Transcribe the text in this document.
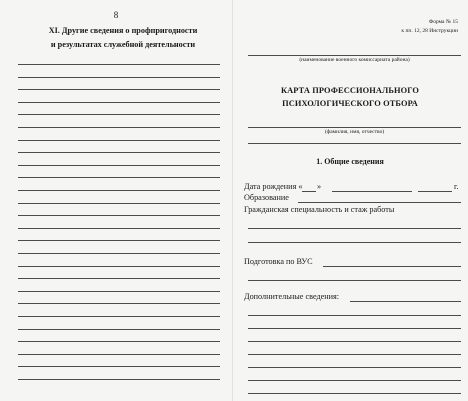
8
XI. Другие сведения о профпригодности
и результатах служебной деятельности
Форма № 15
к пп. 12, 28 Инструкции
(наименование военного комиссариата района)
КАРТА ПРОФЕССИОНАЛЬНОГО
ПСИХОЛОГИЧЕСКОГО ОТБОРА
(фамилия, имя, отчество)
1. Общие сведения
Дата рождения « »	г.
Образование
Гражданская специальность и стаж работы
Подготовка по ВУС
Дополнительные сведения:
